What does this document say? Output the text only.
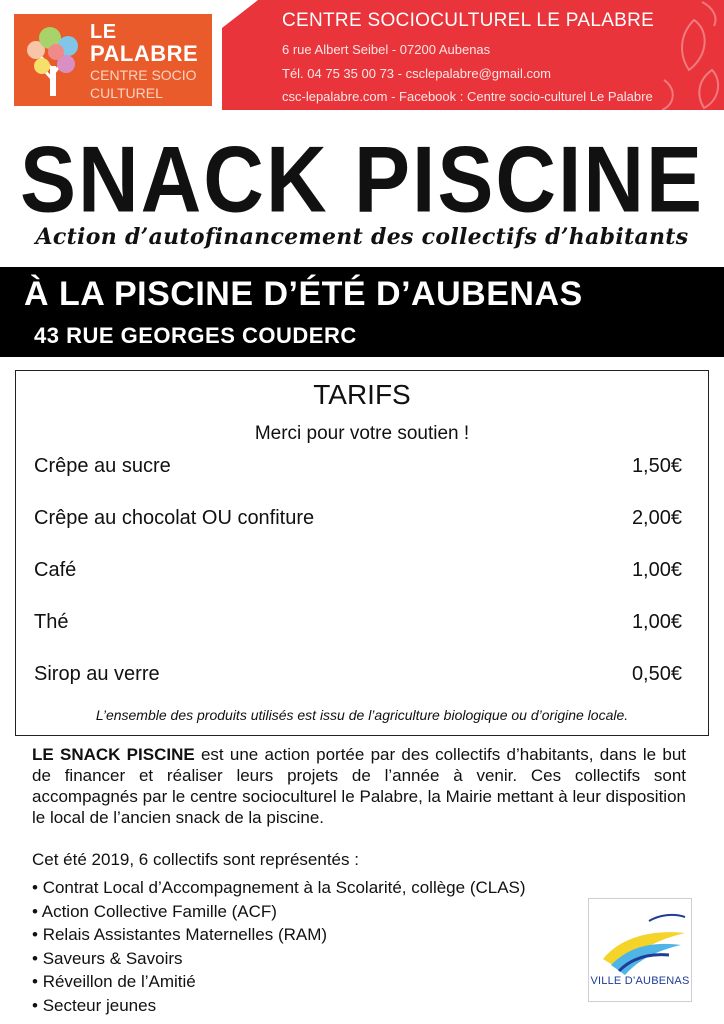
LE
PALABRE
CENTRE SOCIO
CULTUREL
CENTRE SOCIOCULTUREL LE PALABRE
6 rue Albert Seibel - 07200 Aubenas
Tél. 04 75 35 00 73 - csclepalabre@gmail.com
csc-lepalabre.com - Facebook : Centre socio-culturel Le Palabre
SNACK PISCINE
Action d’autofinancement des collectifs d’habitants
À LA PISCINE D’ÉTÉ D’AUBENAS
43 RUE GEORGES COUDERC
TARIFS
Merci pour votre soutien !
Crêpe au sucre	1,50€
Crêpe au chocolat OU confiture	2,00€
Café	1,00€
Thé	1,00€
Sirop au verre	0,50€
L’ensemble des produits utilisés est issu de l’agriculture biologique ou d’origine locale.

LE SNACK PISCINE est une action portée par des collectifs d’habitants, dans le but de financer et réaliser leurs projets de l’année à venir. Ces collectifs sont accompagnés par le centre socioculturel le Palabre, la Mairie mettant à leur disposition le local de l’ancien snack de la piscine.

Cet été 2019, 6 collectifs sont représentés :
• Contrat Local d’Accompagnement à la Scolarité, collège (CLAS)
• Action Collective Famille (ACF)
• Relais Assistantes Maternelles (RAM)
• Saveurs & Savoirs
• Réveillon de l’Amitié
• Secteur jeunes
VILLE D’AUBENAS
